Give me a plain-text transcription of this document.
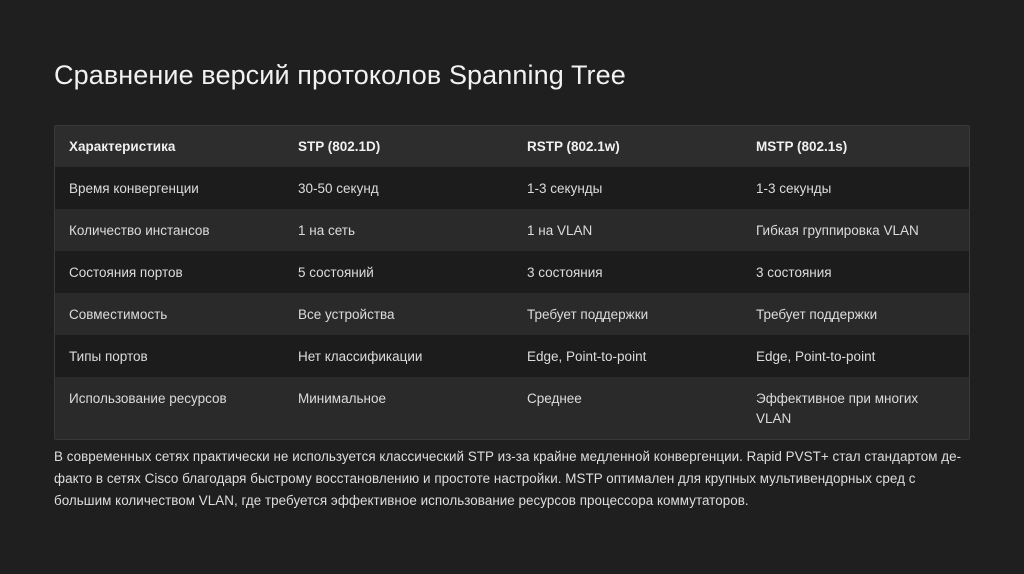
Сравнение версий протоколов Spanning Tree
Характеристика	STP (802.1D)	RSTP (802.1w)	MSTP (802.1s)
Время конвергенции	30-50 секунд	1-3 секунды	1-3 секунды
Количество инстансов	1 на сеть	1 на VLAN	Гибкая группировка VLAN
Состояния портов	5 состояний	3 состояния	3 состояния
Совместимость	Все устройства	Требует поддержки	Требует поддержки
Типы портов	Нет классификации	Edge, Point-to-point	Edge, Point-to-point
Использование ресурсов	Минимальное	Среднее	Эффективное при многих VLAN

В современных сетях практически не используется классический STP из-за крайне медленной конвергенции. Rapid PVST+ стал стандартом де-факто в сетях Cisco благодаря быстрому восстановлению и простоте настройки. MSTP оптимален для крупных мультивендорных сред с большим количеством VLAN, где требуется эффективное использование ресурсов процессора коммутаторов.
